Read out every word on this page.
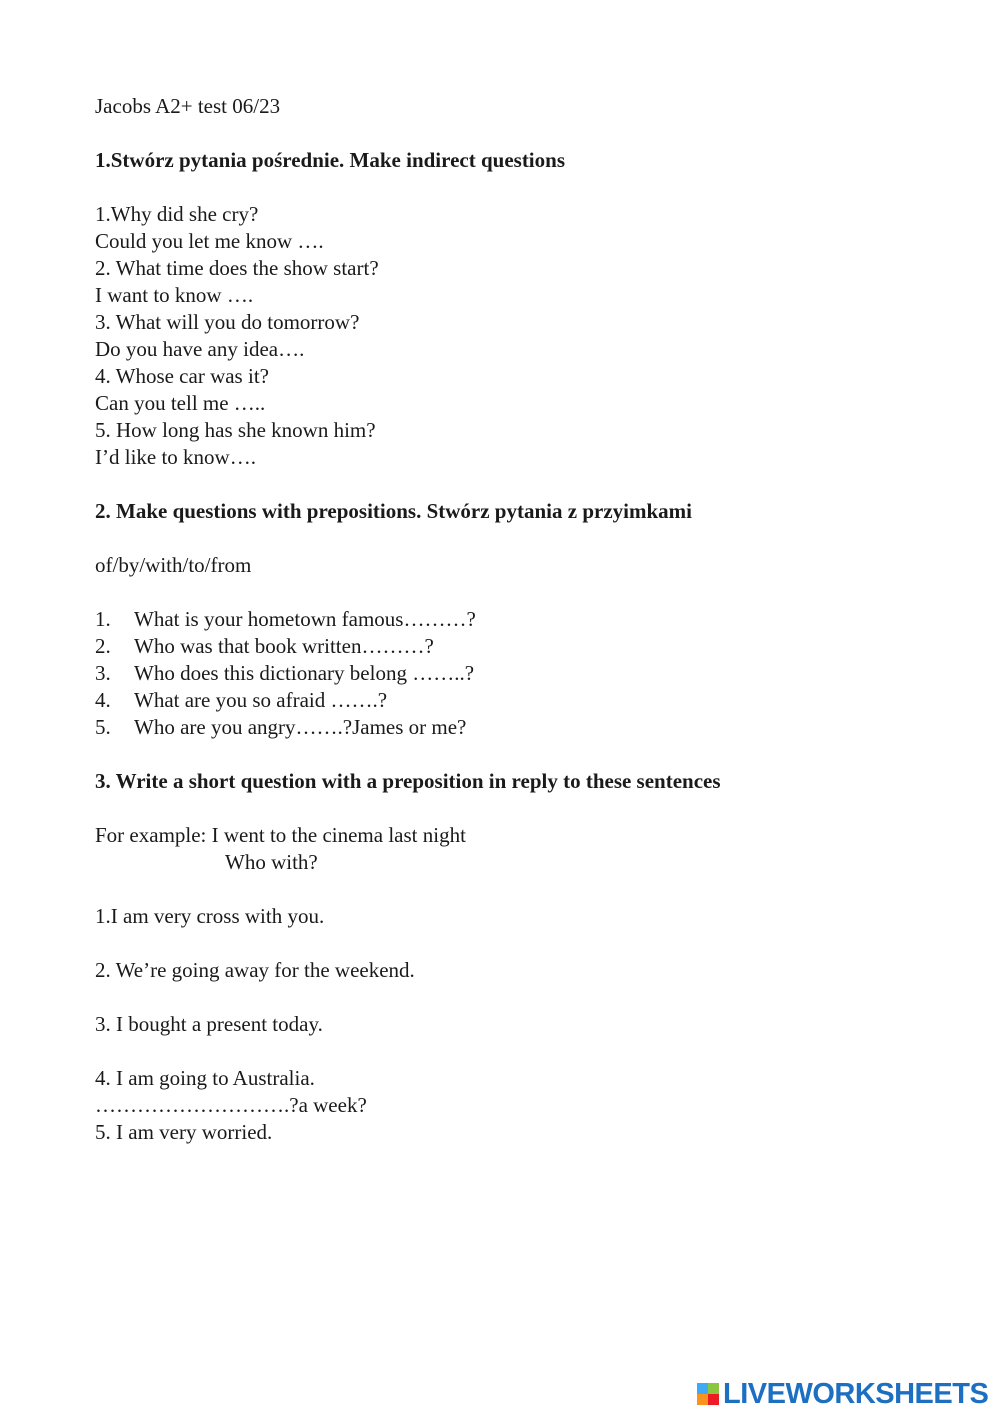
Jacobs A2+ test 06/23
1.Stwórz pytania pośrednie. Make indirect questions
1.Why did she cry?
Could you let me know ….
2. What time does the show start?
I want to know ….
3. What will you do tomorrow?
Do you have any idea….
4. Whose car was it?
Can you tell me …..
5. How long has she known him?
I’d like to know….
2. Make questions with prepositions. Stwórz pytania z przyimkami
of/by/with/to/from
1.	What is your hometown famous………?
2.	Who was that book written………?
3.	Who does this dictionary belong ……..?
4.	What are you so afraid …….?
5.	Who are you angry…….?James or me?
3. Write a short question with a preposition in reply to these sentences
For example: I went to the cinema last night
Who with?
1.I am very cross with you.
2. We’re going away for the weekend.
3. I bought a present today.
4. I am going to Australia.
……………………….?a week?
5. I am very worried.
LIVEWORKSHEETS
